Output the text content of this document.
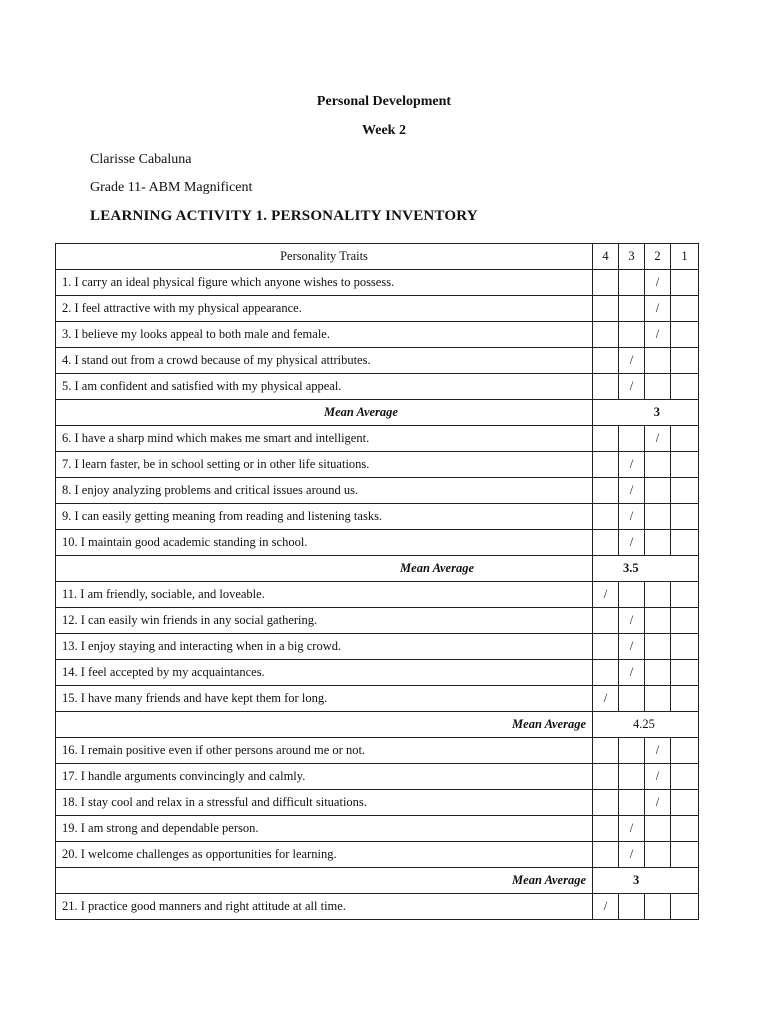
Personal Development
Week 2
Clarisse Cabaluna
Grade 11- ABM Magnificent
LEARNING ACTIVITY 1. PERSONALITY INVENTORY
Personality Traits	4	3	2	1
1. I carry an ideal physical figure which anyone wishes to possess.			/	
2. I feel attractive with my physical appearance.			/	
3. I believe my looks appeal to both male and female.			/	
4. I stand out from a crowd because of my physical attributes.		/		
5. I am confident and satisfied with my physical appeal.		/		
Mean Average	3			
6. I have a sharp mind which makes me smart and intelligent.			/	
7. I learn faster, be in school setting or in other life situations.		/		
8. I enjoy analyzing problems and critical issues around us.		/		
9. I can easily getting meaning from reading and listening tasks.		/		
10. I maintain good academic standing in school.		/		
Mean Average	3.5			
11. I am friendly, sociable, and loveable.	/			
12. I can easily win friends in any social gathering.		/		
13. I enjoy staying and interacting when in a big crowd.		/		
14. I feel accepted by my acquaintances.		/		
15. I have many friends and have kept them for long.	/			
Mean Average	4.25			
16. I remain positive even if other persons around me or not.			/	
17. I handle arguments convincingly and calmly.			/	
18. I stay cool and relax in a stressful and difficult situations.			/	
19. I am strong and dependable person.		/		
20. I welcome challenges as opportunities for learning.		/		
Mean Average	3			
21. I practice good manners and right attitude at all time.	/			
